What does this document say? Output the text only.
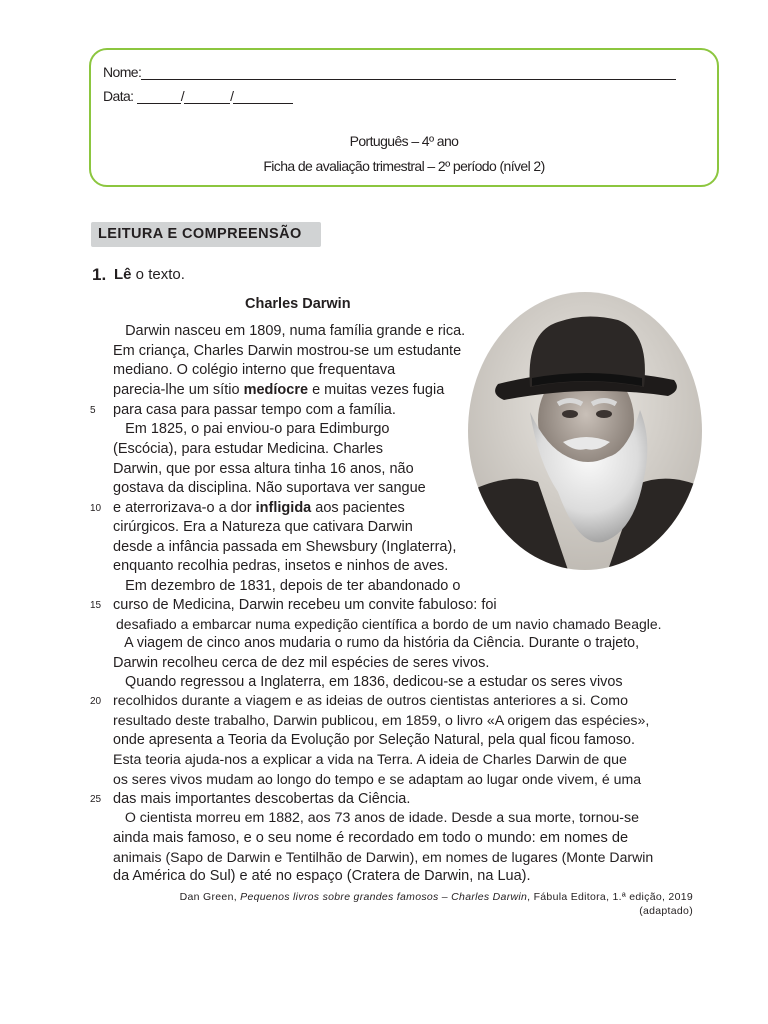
Nome:
Data:	/	/
Português – 4º ano
Ficha de avaliação trimestral – 2º período (nível 2)
LEITURA E COMPREENSÃO
1. Lê o texto.
Charles Darwin
Darwin nasceu em 1809, numa família grande e rica.
Em criança, Charles Darwin mostrou-se um estudante
mediano. O colégio interno que frequentava
parecia-lhe um sítio medíocre e muitas vezes fugia
para casa para passar tempo com a família.
Em 1825, o pai enviou-o para Edimburgo
(Escócia), para estudar Medicina. Charles
Darwin, que por essa altura tinha 16 anos, não
gostava da disciplina. Não suportava ver sangue
e aterrorizava-o a dor infligida aos pacientes
cirúrgicos. Era a Natureza que cativara Darwin
desde a infância passada em Shewsbury (Inglaterra),
enquanto recolhia pedras, insetos e ninhos de aves.
Em dezembro de 1831, depois de ter abandonado o
curso de Medicina, Darwin recebeu um convite fabuloso: foi
desafiado a embarcar numa expedição científica a bordo de um navio chamado Beagle.
A viagem de cinco anos mudaria o rumo da história da Ciência. Durante o trajeto,
Darwin recolheu cerca de dez mil espécies de seres vivos.
Quando regressou a Inglaterra, em 1836, dedicou-se a estudar os seres vivos
recolhidos durante a viagem e as ideias de outros cientistas anteriores a si. Como
resultado deste trabalho, Darwin publicou, em 1859, o livro «A origem das espécies»,
onde apresenta a Teoria da Evolução por Seleção Natural, pela qual ficou famoso.
Esta teoria ajuda-nos a explicar a vida na Terra. A ideia de Charles Darwin de que
os seres vivos mudam ao longo do tempo e se adaptam ao lugar onde vivem, é uma
das mais importantes descobertas da Ciência.
O cientista morreu em 1882, aos 73 anos de idade. Desde a sua morte, tornou-se
ainda mais famoso, e o seu nome é recordado em todo o mundo: em nomes de
animais (Sapo de Darwin e Tentilhão de Darwin), em nomes de lugares (Monte Darwin
da América do Sul) e até no espaço (Cratera de Darwin, na Lua).
5
10
15
20
25
Dan Green, Pequenos livros sobre grandes famosos – Charles Darwin, Fábula Editora, 1.ª edição, 2019
(adaptado)
